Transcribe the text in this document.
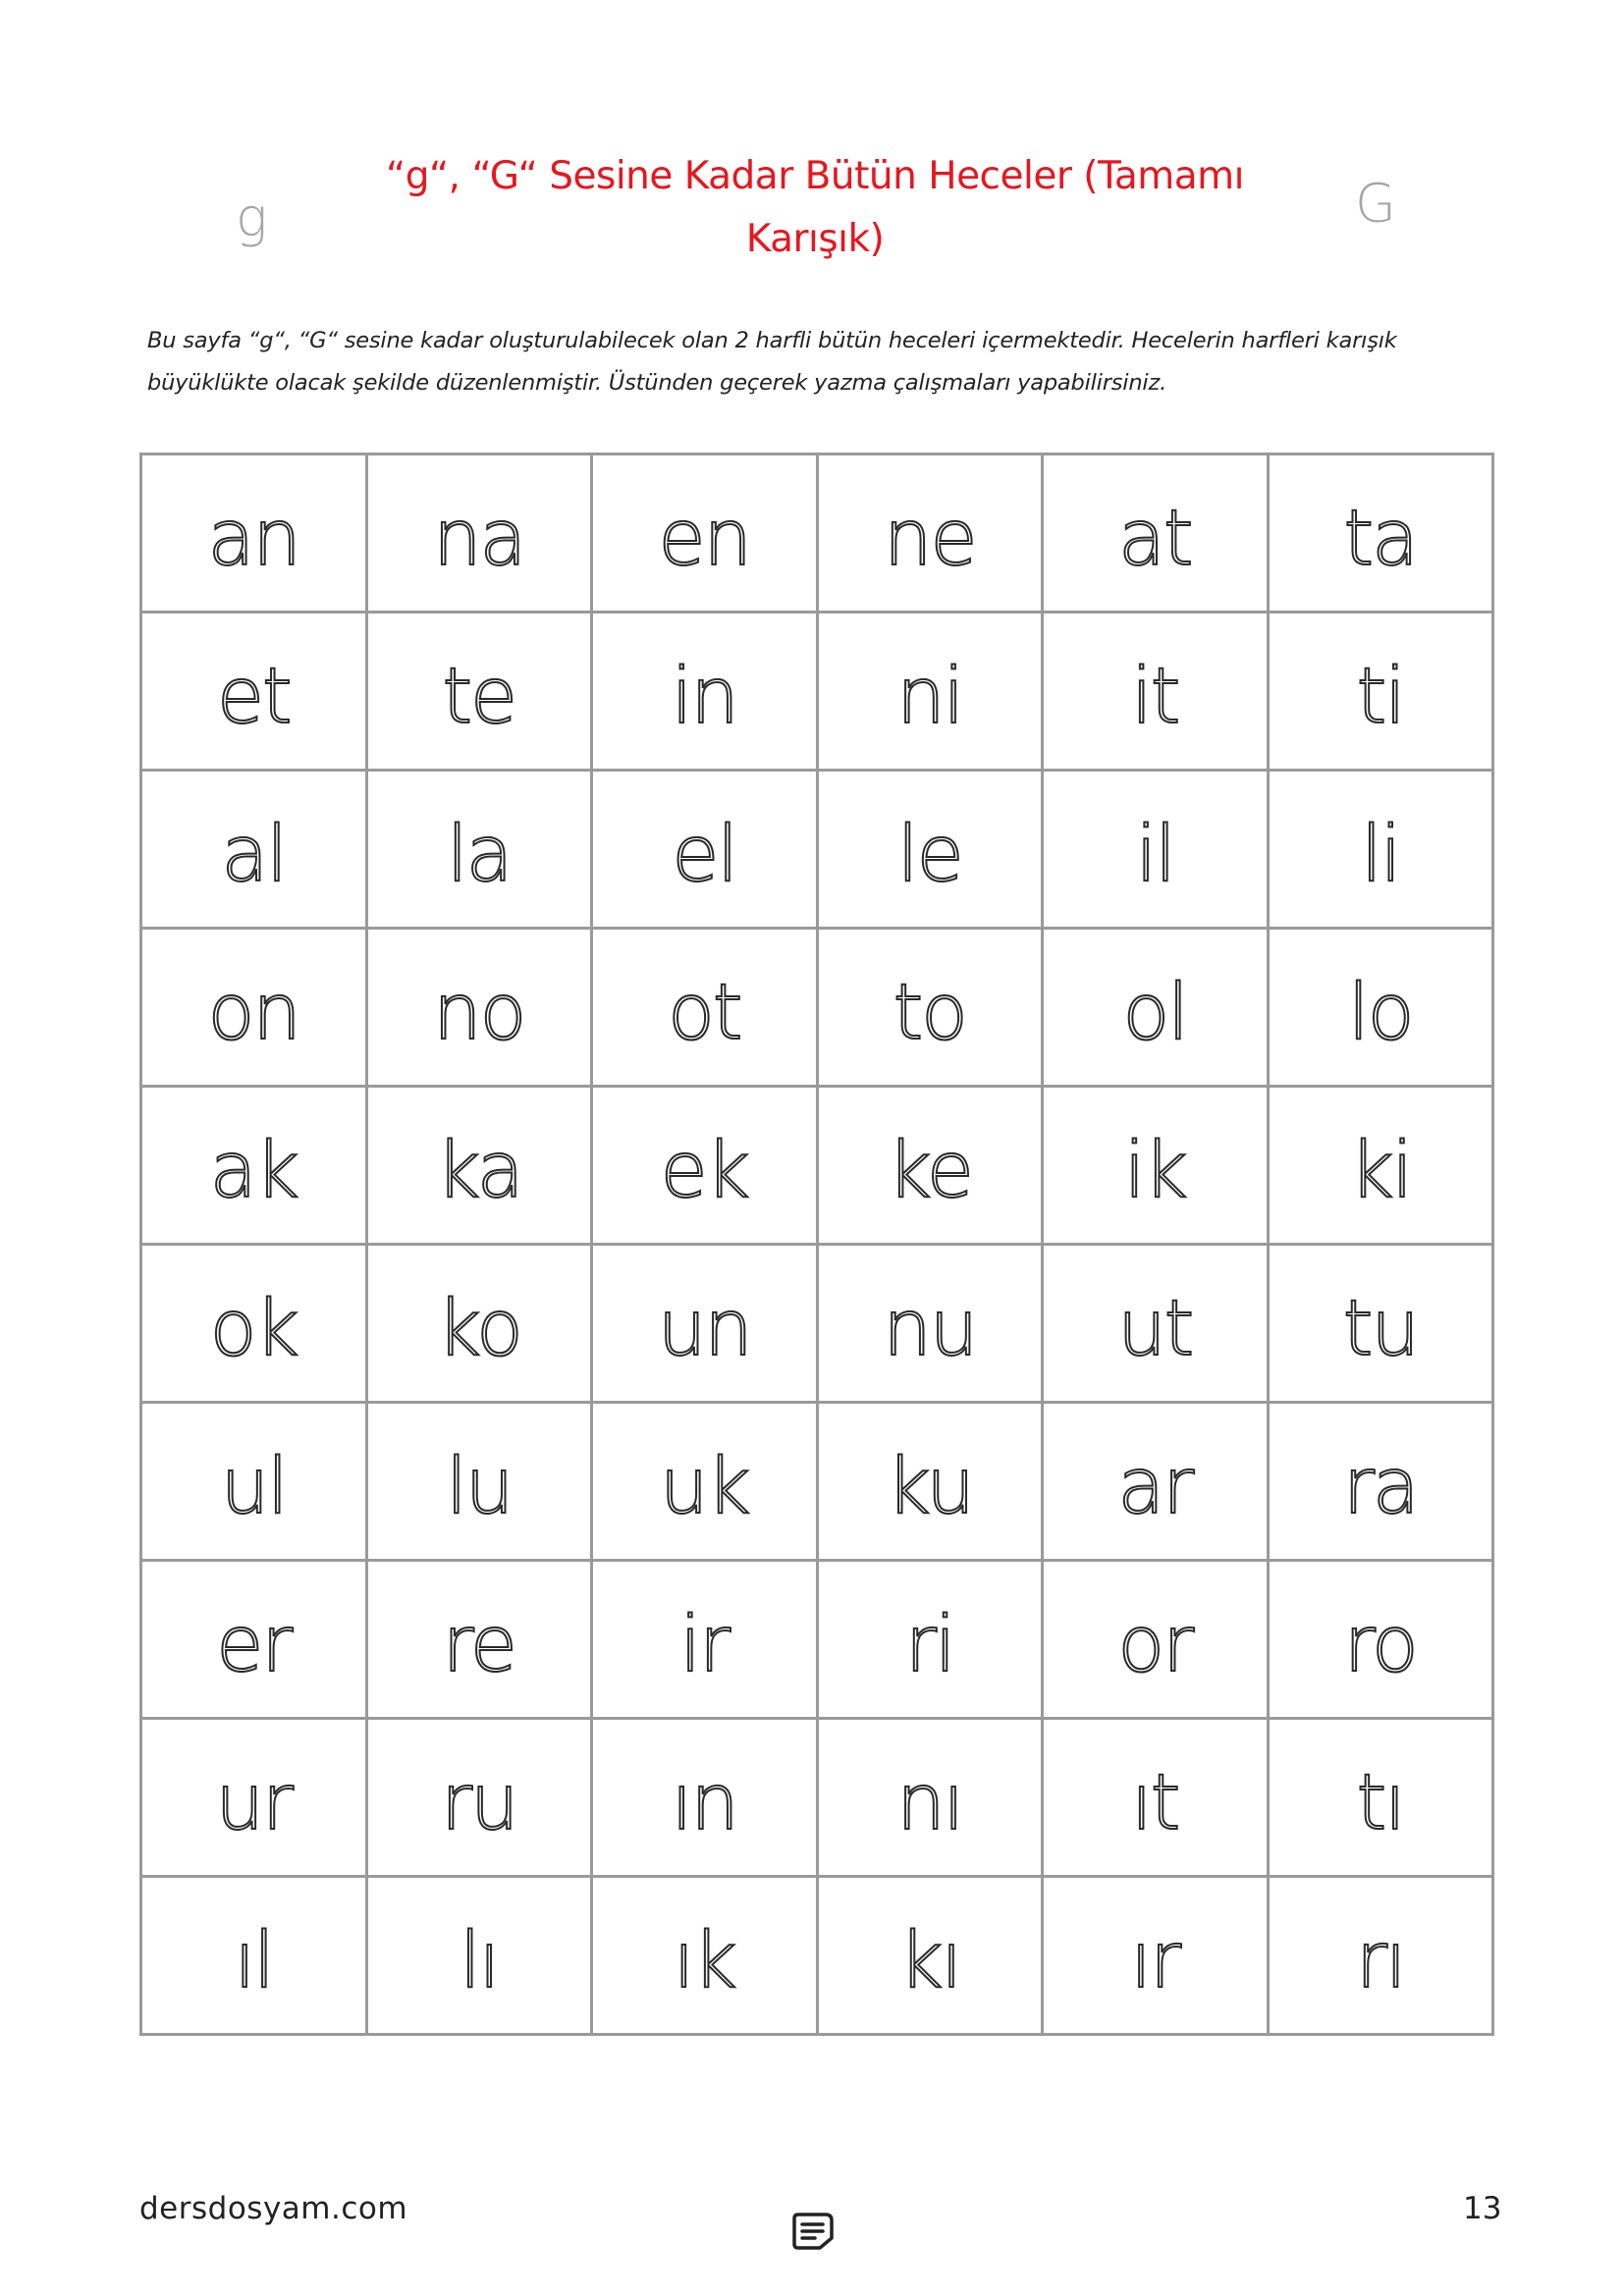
g	G
“g“, “G“ Sesine Kadar Bütün Heceler (Tamamı
Karışık)
Bu sayfa “g“, “G“ sesine kadar oluşturulabilecek olan 2 harfli bütün heceleri içermektedir. Hecelerin harfleri karışık
büyüklükte olacak şekilde düzenlenmiştir. Üstünden geçerek yazma çalışmaları yapabilirsiniz.
an	na	en	ne	at	ta
et	te	in	ni	it	ti
al	la	el	le	il	li
on	no	ot	to	ol	lo
ak	ka	ek	ke	ik	ki
ok	ko	un	nu	ut	tu
ul	lu	uk	ku	ar	ra
er	re	ir	ri	or	ro
ur	ru	ın	nı	ıt	tı
ıl	lı	ık	kı	ır	rı
dersdosyam.com	13
